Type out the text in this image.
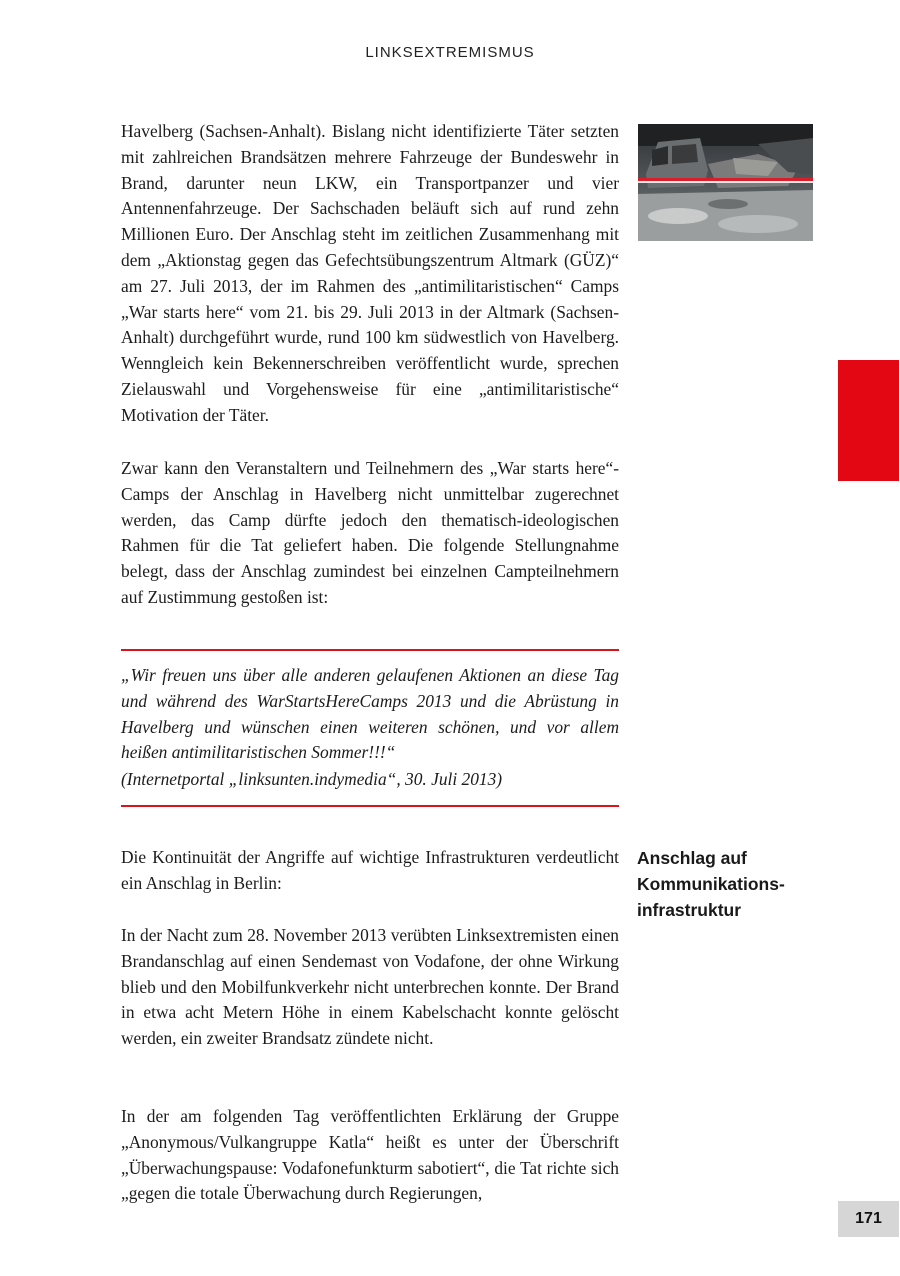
LINKSEXTREMISMUS

Havelberg (Sachsen-Anhalt). Bislang nicht identifizierte Täter setzten mit zahlreichen Brandsätzen mehrere Fahrzeuge der Bundeswehr in Brand, darunter neun LKW, ein Transportpanzer und vier Antennenfahrzeuge. Der Sachschaden beläuft sich auf rund zehn Millionen Euro. Der Anschlag steht im zeitlichen Zusammenhang mit dem „Aktionstag gegen das Gefechtsübungszentrum Altmark (GÜZ)“ am 27. Juli 2013, der im Rahmen des „antimilitaristischen“ Camps „War starts here“ vom 21. bis 29. Juli 2013 in der Altmark (Sachsen-Anhalt) durchgeführt wurde, rund 100 km südwestlich von Havelberg. Wenngleich kein Bekennerschreiben veröffentlicht wurde, sprechen Zielauswahl und Vorgehensweise für eine „antimilitaristische“ Motivation der Täter.

Zwar kann den Veranstaltern und Teilnehmern des „War starts here“-Camps der Anschlag in Havelberg nicht unmittelbar zugerechnet werden, das Camp dürfte jedoch den thematisch-ideologischen Rahmen für die Tat geliefert haben. Die folgende Stellungnahme belegt, dass der Anschlag zumindest bei einzelnen Campteilnehmern auf Zustimmung gestoßen ist:

„Wir freuen uns über alle anderen gelaufenen Aktionen an diese Tag und während des WarStartsHereCamps 2013 und die Abrüstung in Havelberg und wünschen einen weiteren schönen, und vor allem heißen antimilitaristischen Sommer!!!“

(Internetportal „linksunten.indymedia“, 30. Juli 2013)

Die Kontinuität der Angriffe auf wichtige Infrastrukturen verdeutlicht ein Anschlag in Berlin:

In der Nacht zum 28. November 2013 verübten Linksextremisten einen Brandanschlag auf einen Sendemast von Vodafone, der ohne Wirkung blieb und den Mobilfunkverkehr nicht unterbrechen konnte. Der Brand in etwa acht Metern Höhe in einem Kabelschacht konnte gelöscht werden, ein zweiter Brandsatz zündete nicht.

In der am folgenden Tag veröffentlichten Erklärung der Gruppe „Anonymous/Vulkangruppe Katla“ heißt es unter der Überschrift „Überwachungspause: Vodafonefunkturm sabotiert“, die Tat richte sich „gegen die totale Überwachung durch Regierungen,

Anschlag auf
Kommunikations-
infrastruktur
171
